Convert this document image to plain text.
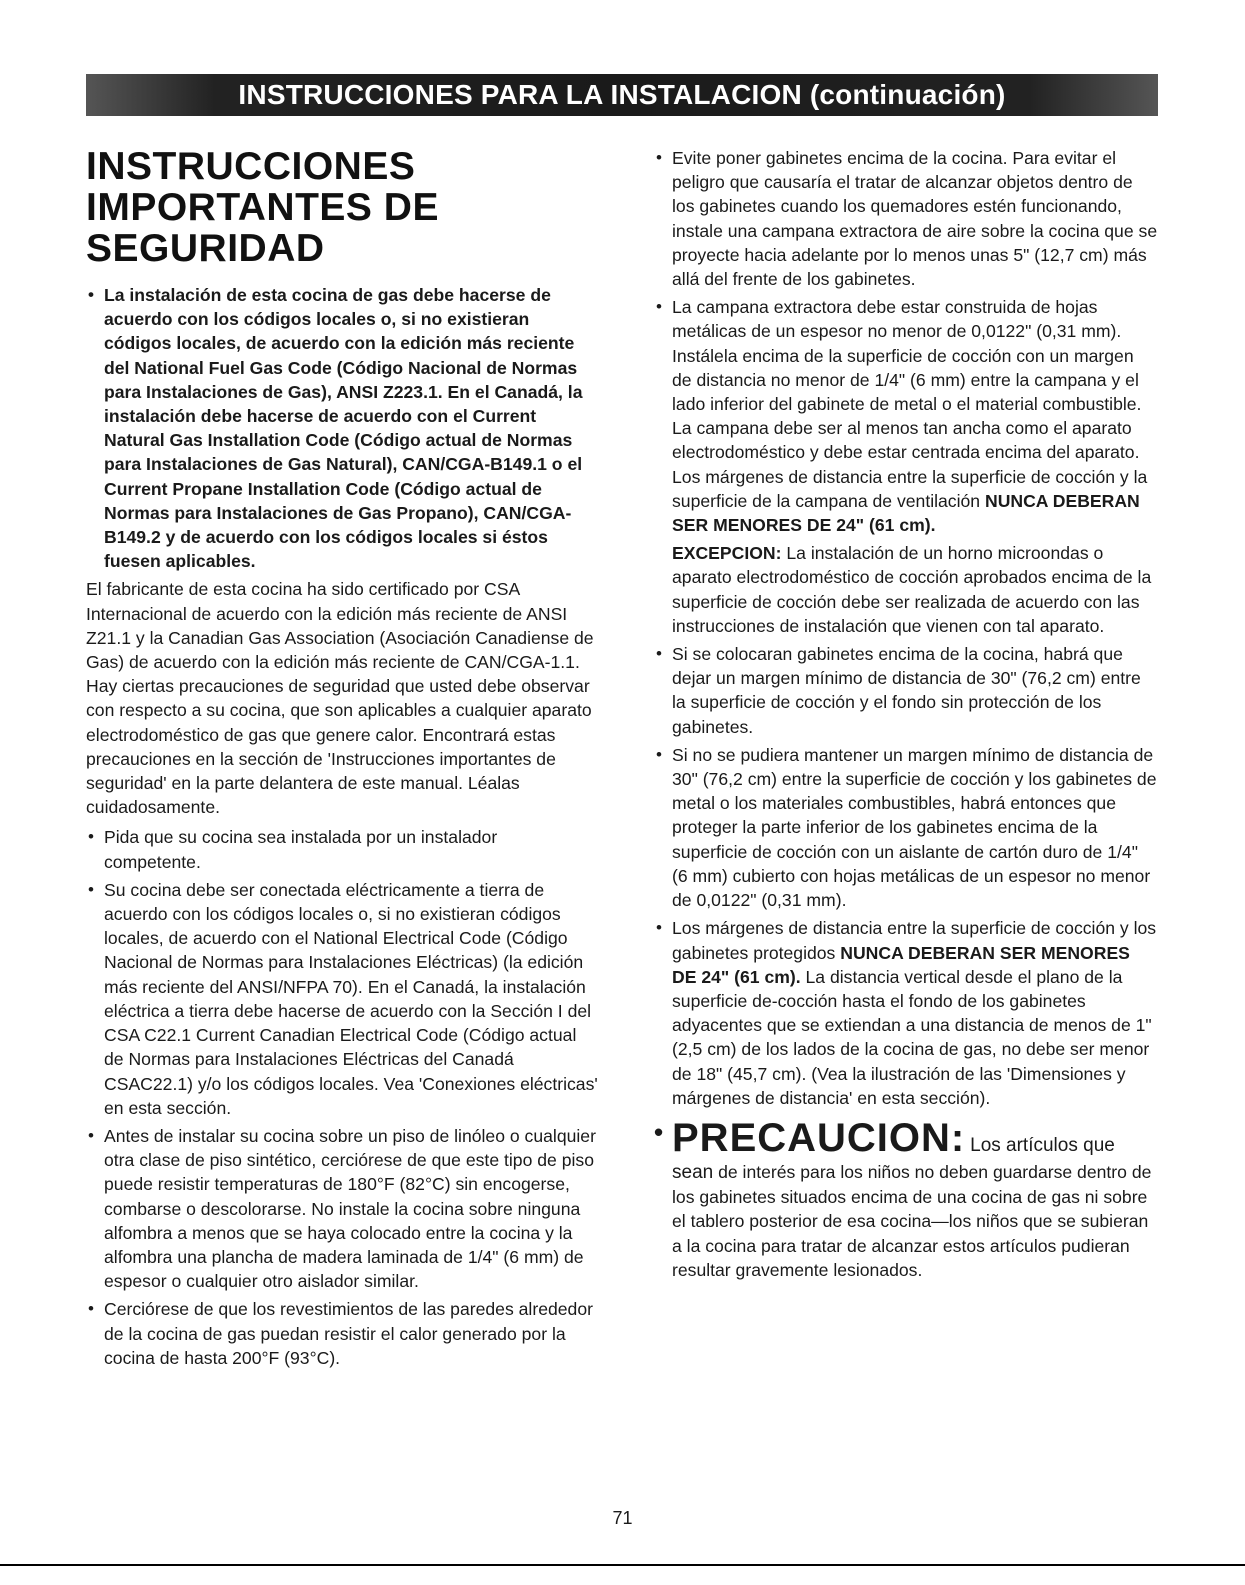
INSTRUCCIONES PARA LA INSTALACION (continuación)
INSTRUCCIONES
IMPORTANTES DE
SEGURIDAD
• La instalación de esta cocina de gas debe hacerse de acuerdo con los códigos locales o, si no existieran códigos locales, de acuerdo con la edición más reciente del National Fuel Gas Code (Código Nacional de Normas para Instalaciones de Gas), ANSI Z223.1. En el Canadá, la instalación debe hacerse de acuerdo con el Current Natural Gas Installation Code (Código actual de Normas para Instalaciones de Gas Natural), CAN/CGA-B149.1 o el Current Propane Installation Code (Código actual de Normas para Instalaciones de Gas Propano), CAN/CGA-B149.2 y de acuerdo con los códigos locales si éstos fuesen aplicables.

El fabricante de esta cocina ha sido certificado por CSA Internacional de acuerdo con la edición más reciente de ANSI Z21.1 y la Canadian Gas Association (Asociación Canadiense de Gas) de acuerdo con la edición más reciente de CAN/CGA-1.1. Hay ciertas precauciones de seguridad que usted debe observar con respecto a su cocina, que son aplicables a cualquier aparato electrodoméstico de gas que genere calor. Encontrará estas precauciones en la sección de 'Instrucciones importantes de seguridad' en la parte delantera de este manual. Léalas cuidadosamente.

• Pida que su cocina sea instalada por un instalador competente.
• Su cocina debe ser conectada eléctricamente a tierra de acuerdo con los códigos locales o, si no existieran códigos locales, de acuerdo con el National Electrical Code (Código Nacional de Normas para Instalaciones Eléctricas) (la edición más reciente del ANSI/NFPA 70). En el Canadá, la instalación eléctrica a tierra debe hacerse de acuerdo con la Sección I del CSA C22.1 Current Canadian Electrical Code (Código actual de Normas para Instalaciones Eléctricas del Canadá CSAC22.1) y/o los códigos locales. Vea 'Conexiones eléctricas' en esta sección.
• Antes de instalar su cocina sobre un piso de linóleo o cualquier otra clase de piso sintético, cerciórese de que este tipo de piso puede resistir temperaturas de 180°F (82°C) sin encogerse, combarse o descolorarse. No instale la cocina sobre ninguna alfombra a menos que se haya colocado entre la cocina y la alfombra una plancha de madera laminada de 1/4" (6 mm) de espesor o cualquier otro aislador similar.
• Cerciórese de que los revestimientos de las paredes alrededor de la cocina de gas puedan resistir el calor generado por la cocina de hasta 200°F (93°C).
• Evite poner gabinetes encima de la cocina. Para evitar el peligro que causaría el tratar de alcanzar objetos dentro de los gabinetes cuando los quemadores estén funcionando, instale una campana extractora de aire sobre la cocina que se proyecte hacia adelante por lo menos unas 5" (12,7 cm) más allá del frente de los gabinetes.
• La campana extractora debe estar construida de hojas metálicas de un espesor no menor de 0,0122" (0,31 mm). Instálela encima de la superficie de cocción con un margen de distancia no menor de 1/4" (6 mm) entre la campana y el lado inferior del gabinete de metal o el material combustible. La campana debe ser al menos tan ancha como el aparato electrodoméstico y debe estar centrada encima del aparato. Los márgenes de distancia entre la superficie de cocción y la superficie de la campana de ventilación NUNCA DEBERAN SER MENORES DE 24" (61 cm).

EXCEPCION: La instalación de un horno microondas o aparato electrodoméstico de cocción aprobados encima de la superficie de cocción debe ser realizada de acuerdo con las instrucciones de instalación que vienen con tal aparato.

• Si se colocaran gabinetes encima de la cocina, habrá que dejar un margen mínimo de distancia de 30" (76,2 cm) entre la superficie de cocción y el fondo sin protección de los gabinetes.
• Si no se pudiera mantener un margen mínimo de distancia de 30" (76,2 cm) entre la superficie de cocción y los gabinetes de metal o los materiales combustibles, habrá entonces que proteger la parte inferior de los gabinetes encima de la superficie de cocción con un aislante de cartón duro de 1/4" (6 mm) cubierto con hojas metálicas de un espesor no menor de 0,0122" (0,31 mm).
• Los márgenes de distancia entre la superficie de cocción y los gabinetes protegidos NUNCA DEBERAN SER MENORES DE 24" (61 cm). La distancia vertical desde el plano de la superficie de-cocción hasta el fondo de los gabinetes adyacentes que se extiendan a una distancia de menos de 1" (2,5 cm) de los lados de la cocina de gas, no debe ser menor de 18" (45,7 cm). (Vea la ilustración de las 'Dimensiones y márgenes de distancia' en esta sección).

• PRECAUCION: Los artículos que sean de interés para los niños no deben guardarse dentro de los gabinetes situados encima de una cocina de gas ni sobre el tablero posterior de esa cocina—los niños que se subieran a la cocina para tratar de alcanzar estos artículos pudieran resultar gravemente lesionados.

71
